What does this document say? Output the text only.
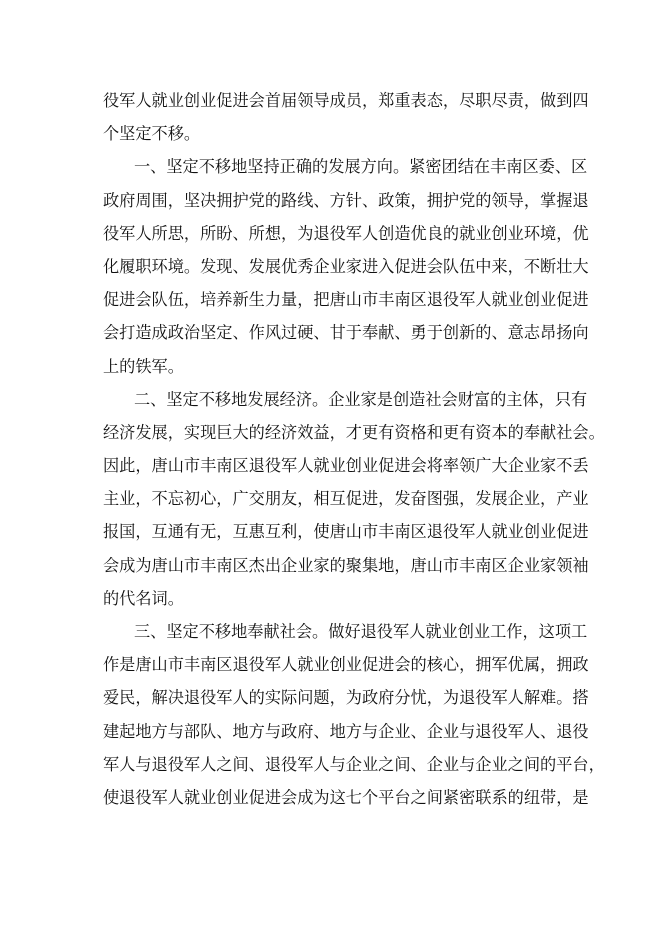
役军人就业创业促进会首届领导成员，郑重表态，尽职尽责，做到四
个坚定不移。
一、坚定不移地坚持正确的发展方向。紧密团结在丰南区委、区
政府周围，坚决拥护党的路线、方针、政策，拥护党的领导，掌握退
役军人所思，所盼、所想，为退役军人创造优良的就业创业环境，优
化履职环境。发现、发展优秀企业家进入促进会队伍中来，不断壮大
促进会队伍，培养新生力量，把唐山市丰南区退役军人就业创业促进
会打造成政治坚定、作风过硬、甘于奉献、勇于创新的、意志昂扬向
上的铁军。
二、坚定不移地发展经济。企业家是创造社会财富的主体，只有
经济发展，实现巨大的经济效益，才更有资格和更有资本的奉献社会。
因此，唐山市丰南区退役军人就业创业促进会将率领广大企业家不丢
主业，不忘初心，广交朋友，相互促进，发奋图强，发展企业，产业
报国，互通有无，互惠互利，使唐山市丰南区退役军人就业创业促进
会成为唐山市丰南区杰出企业家的聚集地，唐山市丰南区企业家领袖
的代名词。
三、坚定不移地奉献社会。做好退役军人就业创业工作，这项工
作是唐山市丰南区退役军人就业创业促进会的核心，拥军优属，拥政
爱民，解决退役军人的实际问题，为政府分忧，为退役军人解难。搭
建起地方与部队、地方与政府、地方与企业、企业与退役军人、退役
军人与退役军人之间、退役军人与企业之间、企业与企业之间的平台，
使退役军人就业创业促进会成为这七个平台之间紧密联系的纽带，是
